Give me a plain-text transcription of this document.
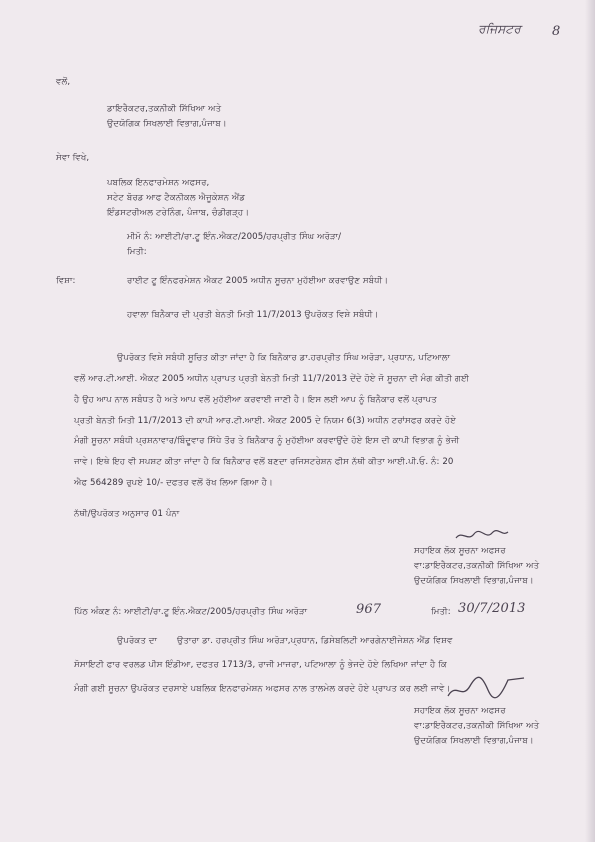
ਰਜਿਸਟਰ 8
ਵਲੋਂ,
ਡਾਇਰੈਕਟਰ,ਤਕਨੀਕੀ ਸਿੱਖਿਆ ਅਤੇ
ਉਦਯੋਗਿਕ ਸਿਖਲਾਈ ਵਿਭਾਗ,ਪੰਜਾਬ।
ਸੇਵਾ ਵਿਖੇ,
ਪਬਲਿਕ ਇਨਫਾਰਮੇਸ਼ਨ ਅਫਸਰ,
ਸਟੇਟ ਬੋਰਡ ਆਫ ਟੈਕਨੀਕਲ ਐਜੂਕੇਸ਼ਨ ਐਂਡ
ਇੰਡਸਟਰੀਅਲ ਟਰੇਨਿੰਗ, ਪੰਜਾਬ, ਚੰਡੀਗੜ੍ਹ।
ਮੀਮੋ ਨੰ: ਆਈਟੀ/ਰਾ.ਟੂ ਇੰਨ.ਐਕਟ/2005/ਹਰਪ੍ਰੀਤ ਸਿੰਘ ਅਰੋੜਾ/
ਮਿਤੀ:
ਵਿਸ਼ਾ:	ਰਾਈਟ ਟੂ ਇੰਨਫਰਮੇਸ਼ਨ ਐਕਟ 2005 ਅਧੀਨ ਸੂਚਨਾ ਮੁਹੱਈਆ ਕਰਵਾਉਣ ਸਬੰਧੀ।
ਹਵਾਲਾ ਬਿਨੈਕਾਰ ਦੀ ਪ੍ਰਤੀ ਬੇਨਤੀ ਮਿਤੀ 11/7/2013 ਉਪਰੋਕਤ ਵਿਸ਼ੇ ਸਬੰਧੀ।
ਉਪਰੋਕਤ ਵਿਸ਼ੇ ਸਬੰਧੀ ਸੂਚਿਤ ਕੀਤਾ ਜਾਂਦਾ ਹੈ ਕਿ ਬਿਨੈਕਾਰ ਡਾ.ਹਰਪ੍ਰੀਤ ਸਿੰਘ ਅਰੋੜਾ, ਪ੍ਰਧਾਨ, ਪਟਿਆਲਾ
ਵਲੋਂ ਆਰ.ਟੀ.ਆਈ. ਐਕਟ 2005 ਅਧੀਨ ਪ੍ਰਾਪਤ ਪ੍ਰਤੀ ਬੇਨਤੀ ਮਿਤੀ 11/7/2013 ਦੇਂਦੇ ਹੋਏ ਜੋ ਸੂਚਨਾ ਦੀ ਮੰਗ ਕੀਤੀ ਗਈ
ਹੈ ਉਹ ਆਪ ਨਾਲ ਸਬੰਧਤ ਹੈ ਅਤੇ ਆਪ ਵਲੋਂ ਮੁਹੱਈਆ ਕਰਵਾਈ ਜਾਣੀ ਹੈ। ਇਸ ਲਈ ਆਪ ਨੂੰ ਬਿਨੈਕਾਰ ਵਲੋਂ ਪ੍ਰਾਪਤ
ਪ੍ਰਤੀ ਬੇਨਤੀ ਮਿਤੀ 11/7/2013 ਦੀ ਕਾਪੀ ਆਰ.ਟੀ.ਆਈ. ਐਕਟ 2005 ਦੇ ਨਿਯਮ 6(3) ਅਧੀਨ ਟਰਾਂਸਫਰ ਕਰਦੇ ਹੋਏ
ਮੰਗੀ ਸੂਚਨਾ ਸਬੰਧੀ ਪ੍ਰਸ਼ਨਾਵਾਰ/ਬਿੰਦੂਵਾਰ ਸਿੱਧੇ ਤੌਰ ਤੇ ਬਿਨੈਕਾਰ ਨੂੰ ਮੁਹੱਈਆ ਕਰਵਾਉਂਦੇ ਹੋਏ ਇਸ ਦੀ ਕਾਪੀ ਵਿਭਾਗ ਨੂੰ ਭੇਜੀ
ਜਾਵੇ। ਇਥੇ ਇਹ ਵੀ ਸਪਸ਼ਟ ਕੀਤਾ ਜਾਂਦਾ ਹੈ ਕਿ ਬਿਨੈਕਾਰ ਵਲੋਂ ਬਣਦਾ ਰਜਿਸਟਰੇਸ਼ਨ ਫੀਸ ਨੱਥੀ ਕੀਤਾ ਆਈ.ਪੀ.ਓ. ਨੰ: 20
ਐਫ 564289 ਰੁਪਏ 10/- ਦਫਤਰ ਵਲੋਂ ਰੱਖ ਲਿਆ ਗਿਆ ਹੈ।
ਨੱਥੀ/ਉਪਰੋਕਤ ਅਨੁਸਾਰ 01 ਪੰਨਾ
ਸਹਾਇਕ ਲੋਕ ਸੂਚਨਾ ਅਫਸਰ
ਵਾ:ਡਾਇਰੈਕਟਰ,ਤਕਨੀਕੀ ਸਿੱਖਿਆ ਅਤੇ
ਉਦਯੋਗਿਕ ਸਿਖਲਾਈ ਵਿਭਾਗ,ਪੰਜਾਬ।
ਪਿੱਠ ਅੰਕਣ ਨੰ: ਆਈਟੀ/ਰਾ.ਟੂ ਇੰਨ.ਐਕਟ/2005/ਹਰਪ੍ਰੀਤ ਸਿੰਘ ਅਰੋੜਾ	967	ਮਿਤੀ: 30/7/2013
ਉਪਰੋਕਤ ਦਾ ਉਤਾਰਾ ਡਾ. ਹਰਪ੍ਰੀਤ ਸਿੰਘ ਅਰੋੜਾ,ਪ੍ਰਧਾਨ, ਡਿਸੇਬਲਿਟੀ ਆਰਗੇਨਾਈਜੇਸ਼ਨ ਐਂਡ ਵਿਸ਼ਵ
ਸੋਸਾਇਟੀ ਫਾਰ ਵਰਲਡ ਪੀਸ ਇੰਡੀਆ, ਦਫਤਰ 1713/3, ਰਾਜੀ ਮਾਜਰਾ, ਪਟਿਆਲਾ ਨੂੰ ਭੇਜਦੇ ਹੋਏ ਲਿਖਿਆ ਜਾਂਦਾ ਹੈ ਕਿ
ਮੰਗੀ ਗਈ ਸੂਚਨਾ ਉਪਰੋਕਤ ਦਰਸਾਏ ਪਬਲਿਕ ਇਨਫਾਰਮੇਸ਼ਨ ਅਫਸਰ ਨਾਲ ਤਾਲਮੇਲ ਕਰਦੇ ਹੋਏ ਪ੍ਰਾਪਤ ਕਰ ਲਈ ਜਾਵੇ।
ਸਹਾਇਕ ਲੋਕ ਸੂਚਨਾ ਅਫਸਰ
ਵਾ:ਡਾਇਰੈਕਟਰ,ਤਕਨੀਕੀ ਸਿੱਖਿਆ ਅਤੇ
ਉਦਯੋਗਿਕ ਸਿਖਲਾਈ ਵਿਭਾਗ,ਪੰਜਾਬ।
